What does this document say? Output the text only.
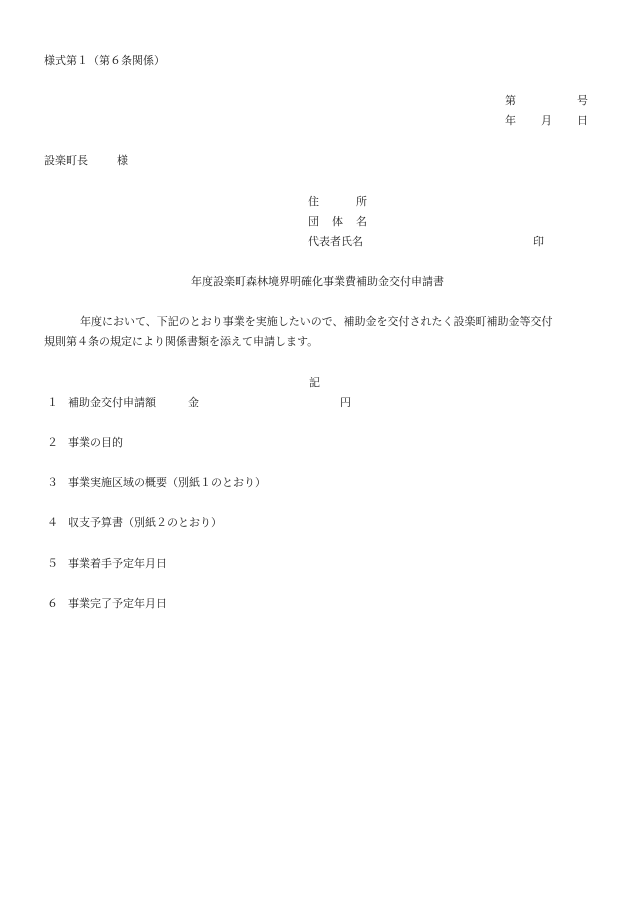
様式第１（第６条関係）
第	号
年 月 日
設楽町長	様
住	所
団 体 名
代表者氏名	印
年度設楽町森林境界明確化事業費補助金交付申請書
年度において、下記のとおり事業を実施したいので、補助金を交付されたく設楽町補助金等交付
規則第４条の規定により関係書類を添えて申請します。
記
１ 補助金交付申請額	金	円
２ 事業の目的
３ 事業実施区域の概要（別紙１のとおり）
４ 収支予算書（別紙２のとおり）
５ 事業着手予定年月日
６ 事業完了予定年月日
